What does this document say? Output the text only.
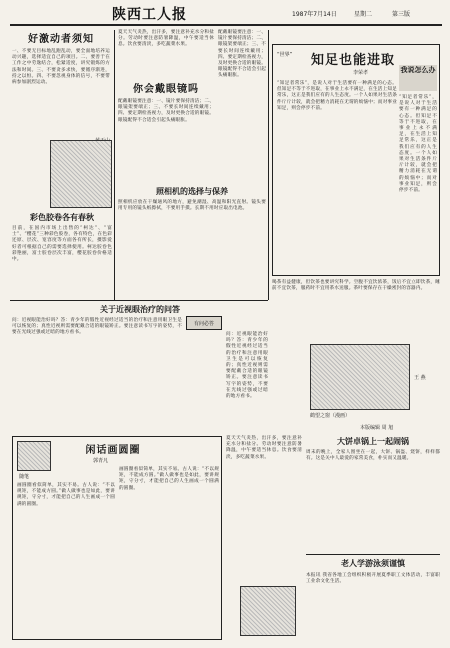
陕西工人报	1987年7月14日	星期二	第三版
好激动者须知
一、不要无目标地乱跑乱动，要全面地培养运动兴趣，选择适宜自己的项目。二、要善于在工作之中劳逸结合，松紧适度，讲究锻炼的方法和时间。三、不要贪多求快，要循序渐进，持之以恒。四、不要忽视身体的信号，不要带病参加剧烈运动。
彩色胶卷各有春秋
目前，在国内市场上出售的“柯达”、“富士”、“樱花”三种彩色胶卷，各有特色，在色彩还原、层次、宽容度等方面各有所长，摄影爱好者可根据自己的需要选择使用。柯达胶卷色彩艳丽，富士胶卷层次丰富，樱花胶卷价格适中。
夏天天气炎热，出汗多，要注意补充水分和盐分。劳动时要注意防暑降温，中午要适当休息。饮食要清淡，多吃蔬菜水果。
你会戴眼镜吗
配戴眼镜要注意：一、镜片要保持清洁；二、眼镜架要端正；三、不要长时间连续戴用；四、要定期检查视力，及时更换合适的眼镜。眼镜配得不合适会引起头痛眼胀。
照相机的选择与保养
照相机应放在干燥通风的地方，避免潮湿、高温和阳光直射。镜头要用专用的镜头纸擦拭，不要用手摸。长期不用时应取出电池。
配戴眼镜要注意：一、镜片要保持清洁；二、眼镜架要端正；三、不要长时间连续戴用；四、要定期检查视力，及时更换合适的眼镜。眼镜配得不合适会引起头痛眼胀。
“世界”	知足也能进取
李荣孝	我说怎么办
“知足者常乐”，是说人对于生活要有一种满足的心态。但知足不等于不进取，在事业上永不满足，在生活上知足常乐，这正是我们应有的人生态度。一个人如果对生活条件斤斤计较，就会把精力消耗在无谓的烦恼中；而对事业知足，则会停步不前。
“知足者常乐”，是说人对于生活要有一种满足的心态。但知足不等于不进取，在事业上永不满足，在生活上知足常乐，这正是我们应有的人生态度。一个人如果对生活条件斤斤计较，就会把精力消耗在无谓的烦恼中；而对事业知足，则会停步不前。
喝茶有益健康，但饮茶也要讲究科学。空腹不宜饮浓茶，饭后不宜立即饮茶，睡前不宜饮茶，服药时不宜用茶水送服。茶叶要保存在干燥密封的容器内。
关于近视眼治疗的问答
有问必答
问：近视眼能治好吗？答：青少年的假性近视经过适当的治疗和注意用眼卫生是可以恢复的；真性近视则需要配戴合适的眼镜矫正。要注意读书写字的姿势，不要在光线过强或过暗的地方看书。	问：近视眼能治好吗？答：青少年的假性近视经过适当的治疗和注意用眼卫生是可以恢复的；真性近视则需要配戴合适的眼镜矫正。要注意读书写字的姿势，不要在光线过强或过暗的地方看书。
闲话画圆圈
郭青凡
随笔
画圆圈看似简单，其实不易。古人说：“不以规矩，不能成方圆。”做人做事也是如此，要讲规矩，守分寸，才能把自己的人生画成一个圆满的圆圈。
画圆圈看似简单，其实不易。古人说：“不以规矩，不能成方圆。”做人做事也是如此，要讲规矩，守分寸，才能把自己的人生画成一个圆满的圆圈。
夏天天气炎热，出汗多，要注意补充水分和盐分。劳动时要注意防暑降温，中午要适当休息。饮食要清淡，多吃蔬菜水果。
王 燕
鹤望之窗（漫画）
本版编辑 周 旭
大饼卓锅上一起闹锅
周末的晚上，全家人围坐在一起，大饼、锅盔、烧饼，样样都有。这是关中人最爱的家常美食，朴实而又温暖。
老人学游泳须谨慎
本报讯 我省各地工会组织积极开展夏季职工文体活动，丰富职工业余文化生活。
